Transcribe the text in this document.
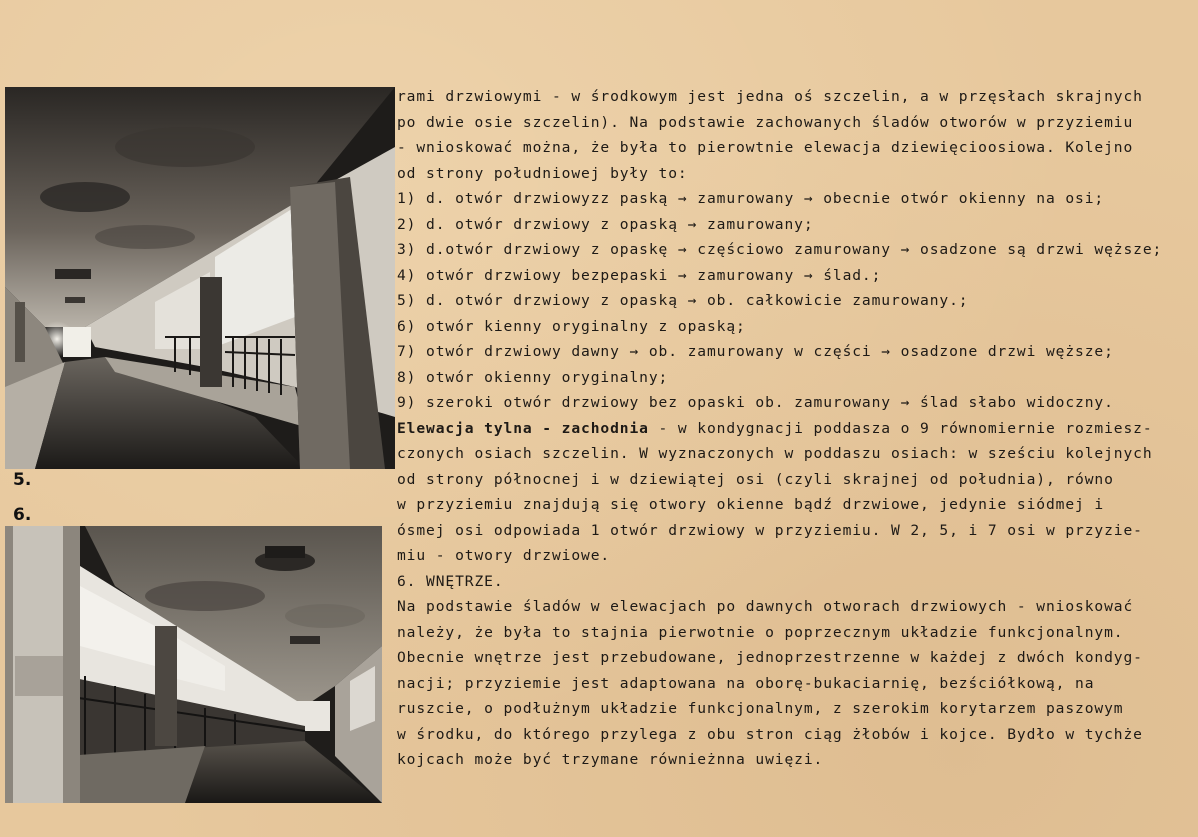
5.
6.
rami drzwiowymi - w środkowym jest jedna oś szczelin, a w przęsłach skrajnych
po dwie osie szczelin). Na podstawie zachowanych śladów otworów w przyziemiu
- wnioskować można, że była to pierowtnie elewacja dziewięcioosiowa. Kolejno
od strony południowej były to:
1) d. otwór drzwiowyzz paską → zamurowany → obecnie otwór okienny na osi;
2) d. otwór drzwiowy z opaską → zamurowany;
3) d.otwór drzwiowy z opaskę → częściowo zamurowany → osadzone są drzwi węższe;
4) otwór drzwiowy bezpepaski → zamurowany → ślad.;
5) d. otwór drzwiowy z opaską → ob. całkowicie zamurowany.;
6) otwór kienny oryginalny z opaską;
7) otwór drzwiowy dawny → ob. zamurowany w części → osadzone drzwi węższe;
8) otwór okienny oryginalny;
9) szeroki otwór drzwiowy bez opaski ob. zamurowany → ślad słabo widoczny.
Elewacja tylna - zachodnia - w kondygnacji poddasza o 9 równomiernie rozmiesz-
czonych osiach szczelin. W wyznaczonych w poddaszu osiach: w sześciu kolejnych
od strony północnej i w dziewiątej osi (czyli skrajnej od południa), równo
w przyziemiu znajdują się otwory okienne bądź drzwiowe, jedynie siódmej i
ósmej osi odpowiada 1 otwór drzwiowy w przyziemiu. W 2, 5, i 7 osi w przyzie-
miu - otwory drzwiowe.
6. WNĘTRZE.
Na podstawie śladów w elewacjach po dawnych otworach drzwiowych - wnioskować
należy, że była to stajnia pierwotnie o poprzecznym układzie funkcjonalnym.
Obecnie wnętrze jest przebudowane, jednoprzestrzenne w każdej z dwóch kondyg-
nacji; przyziemie jest adaptowana na oborę-bukaciarnię, bezściółkową, na
ruszcie, o podłużnym układzie funkcjonalnym, z szerokim korytarzem paszowym
w środku, do którego przylega z obu stron ciąg żłobów i kojce. Bydło w tychże
kojcach może być trzymane równieżnna uwięzi.
